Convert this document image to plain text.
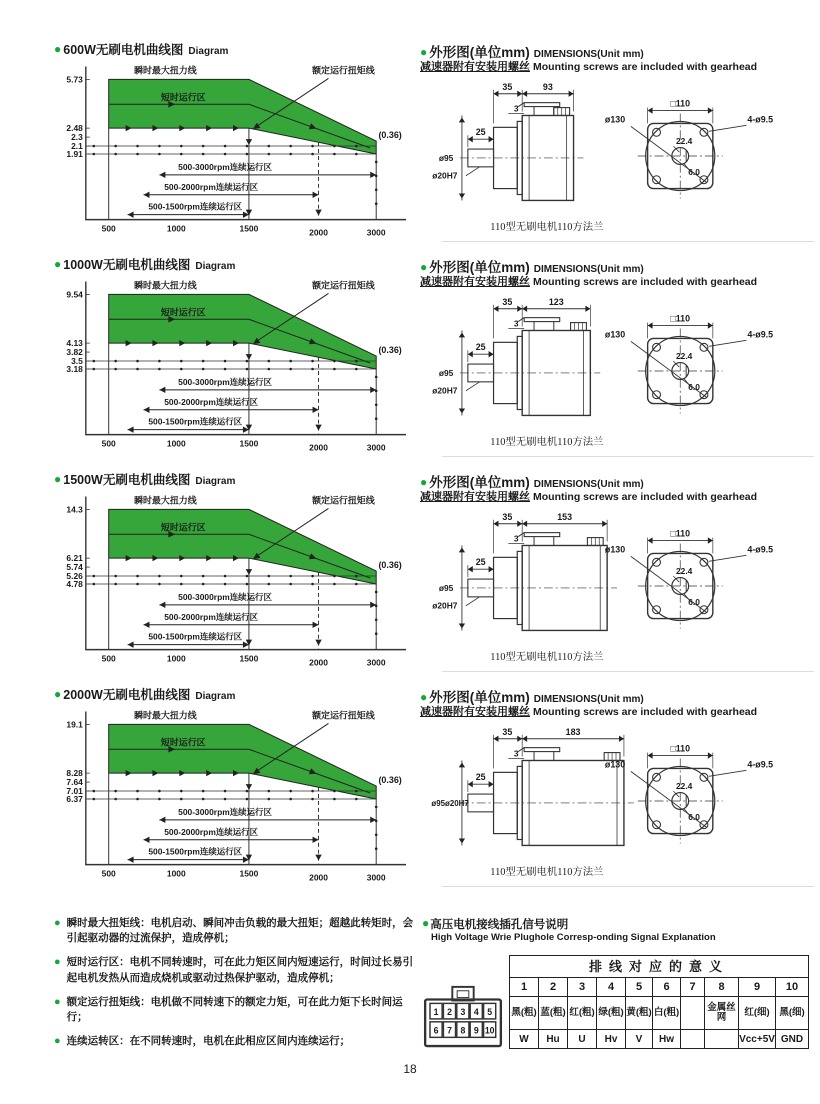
● 600W无刷电机曲线图 Diagram
瞬时最大扭力线
短时运行区
额定运行扭矩线
(0.36)
500-3000rpm连续运行区
500-2000rpm连续运行区
500-1500rpm连续运行区
5.73
2.48
2.3
2.1
1.91
500	1000	1500	2000	3000
● 外形图(单位mm) DIMENSIONS(Unit mm)
减速器附有安装用螺丝 Mounting screws are included with gearhead
35	93
3
25
ø95
ø20H7
ø130	4-ø9.5
□110
22.4
6.0
110型无刷电机110方法兰
● 1000W无刷电机曲线图 Diagram
瞬时最大扭力线
短时运行区
额定运行扭矩线
(0.36)
500-3000rpm连续运行区
500-2000rpm连续运行区
500-1500rpm连续运行区
9.54
4.13
3.82
3.5
3.18
500	1000	1500	2000	3000
● 外形图(单位mm) DIMENSIONS(Unit mm)
减速器附有安装用螺丝 Mounting screws are included with gearhead
35	123
3
25
ø95
ø20H7
ø130	4-ø9.5
□110
22.4
6.0
110型无刷电机110方法兰
● 1500W无刷电机曲线图 Diagram
瞬时最大扭力线
短时运行区
额定运行扭矩线
(0.36)
500-3000rpm连续运行区
500-2000rpm连续运行区
500-1500rpm连续运行区
14.3
6.21
5.74
5.26
4.78
500	1000	1500	2000	3000
● 外形图(单位mm) DIMENSIONS(Unit mm)
减速器附有安装用螺丝 Mounting screws are included with gearhead
35	153
3
25
ø95
ø20H7
ø130	4-ø9.5
□110
22.4
6.0
110型无刷电机110方法兰
● 2000W无刷电机曲线图 Diagram
瞬时最大扭力线
短时运行区
额定运行扭矩线
(0.36)
500-3000rpm连续运行区
500-2000rpm连续运行区
500-1500rpm连续运行区
19.1
8.28
7.64
7.01
6.37
500	1000	1500	2000	3000
● 外形图(单位mm) DIMENSIONS(Unit mm)
减速器附有安装用螺丝 Mounting screws are included with gearhead
35	183
3
25
ø95ø20H7
ø130	4-ø9.5
□110
22.4
6.0
110型无刷电机110方法兰
● 瞬时最大扭矩线：电机启动、瞬间冲击负载的最大扭矩；超越此转矩时，会引起驱动器的过流保护，造成停机；
● 短时运行区：电机不同转速时，可在此力矩区间内短速运行，时间过长易引起电机发热从而造成烧机或驱动过热保护驱动，造成停机；
● 额定运行扭矩线：电机做不同转速下的额定力矩，可在此力矩下长时间运行；
● 连续运转区：在不同转速时，电机在此相应区间内连续运行；
●高压电机接线插孔信号说明
High Voltage Wrie Plughole Corresp-onding Signal Explanation
1 2 3 4 5
6 7 8 9 10
排线对应的意义									
1	2	3	4	5	6	7	8	9	10
黑(粗)	蓝(粗)	红(粗)	绿(粗)	黄(粗)	白(粗)		金属丝网	红(细)	黑(细)
W	Hu	U	Hv	V	Hw			Vcc+5V	GND
18
